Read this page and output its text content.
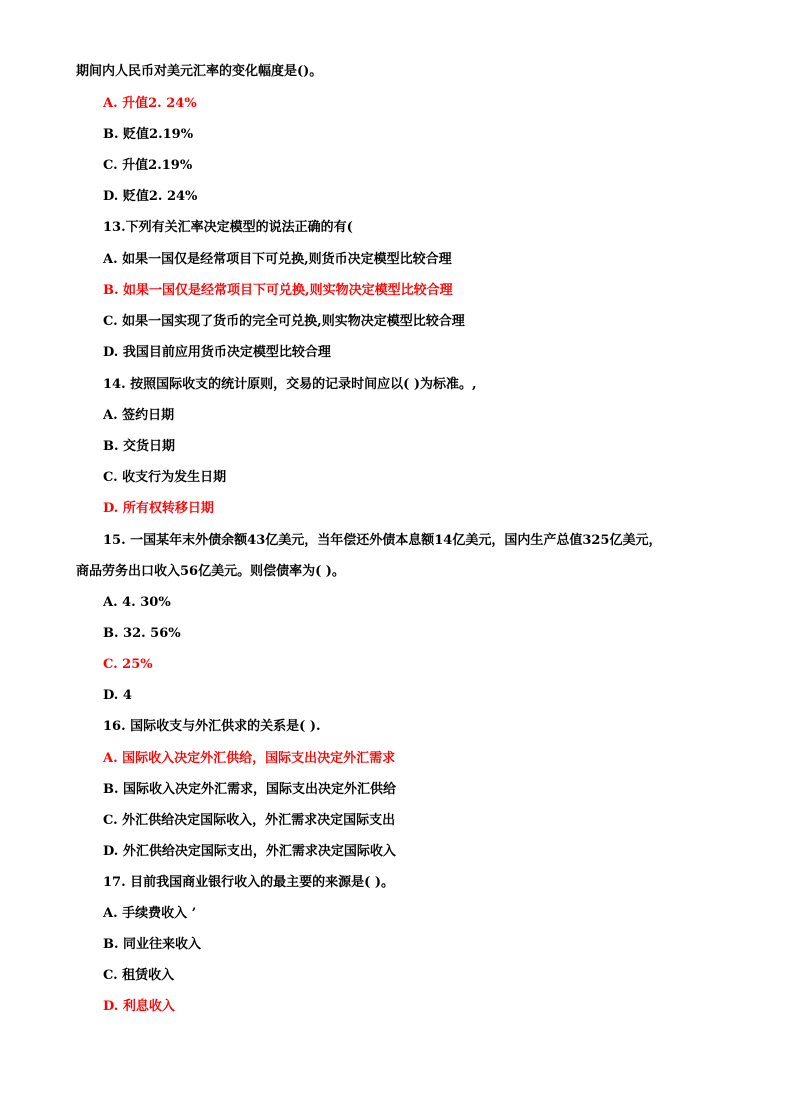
期间内人民币对美元汇率的变化幅度是()。
A. 升值2. 24%
B. 贬值2.19%
C. 升值2.19%
D. 贬值2. 24%
13.下列有关汇率决定模型的说法正确的有(
A. 如果一国仅是经常项目下可兑换,则货币决定模型比较合理
B. 如果一国仅是经常项目下可兑换,则实物决定模型比较合理
C. 如果一国实现了货币的完全可兑换,则实物决定模型比较合理
D. 我国目前应用货币决定模型比较合理
14. 按照国际收支的统计原则，交易的记录时间应以( )为标准。,
A. 签约日期
B. 交货日期
C. 收支行为发生日期
D. 所有权转移日期
15. 一国某年末外债余额43亿美元，当年偿还外债本息额14亿美元，国内生产总值325亿美元，
商品劳务出口收入56亿美元。则偿债率为( )。
A. 4. 30%
B. 32. 56%
C. 25%
D. 4
16. 国际收支与外汇供求的关系是( ).
A. 国际收入决定外汇供给，国际支出决定外汇需求
B. 国际收入决定外汇需求，国际支出决定外汇供给
C. 外汇供给决定国际收入，外汇需求决定国际支出
D. 外汇供给决定国际支出，外汇需求决定国际收入
17. 目前我国商业银行收入的最主要的来源是( )。
A. 手续费收入 ’
B. 同业往来收入
C. 租赁收入
D. 利息收入
